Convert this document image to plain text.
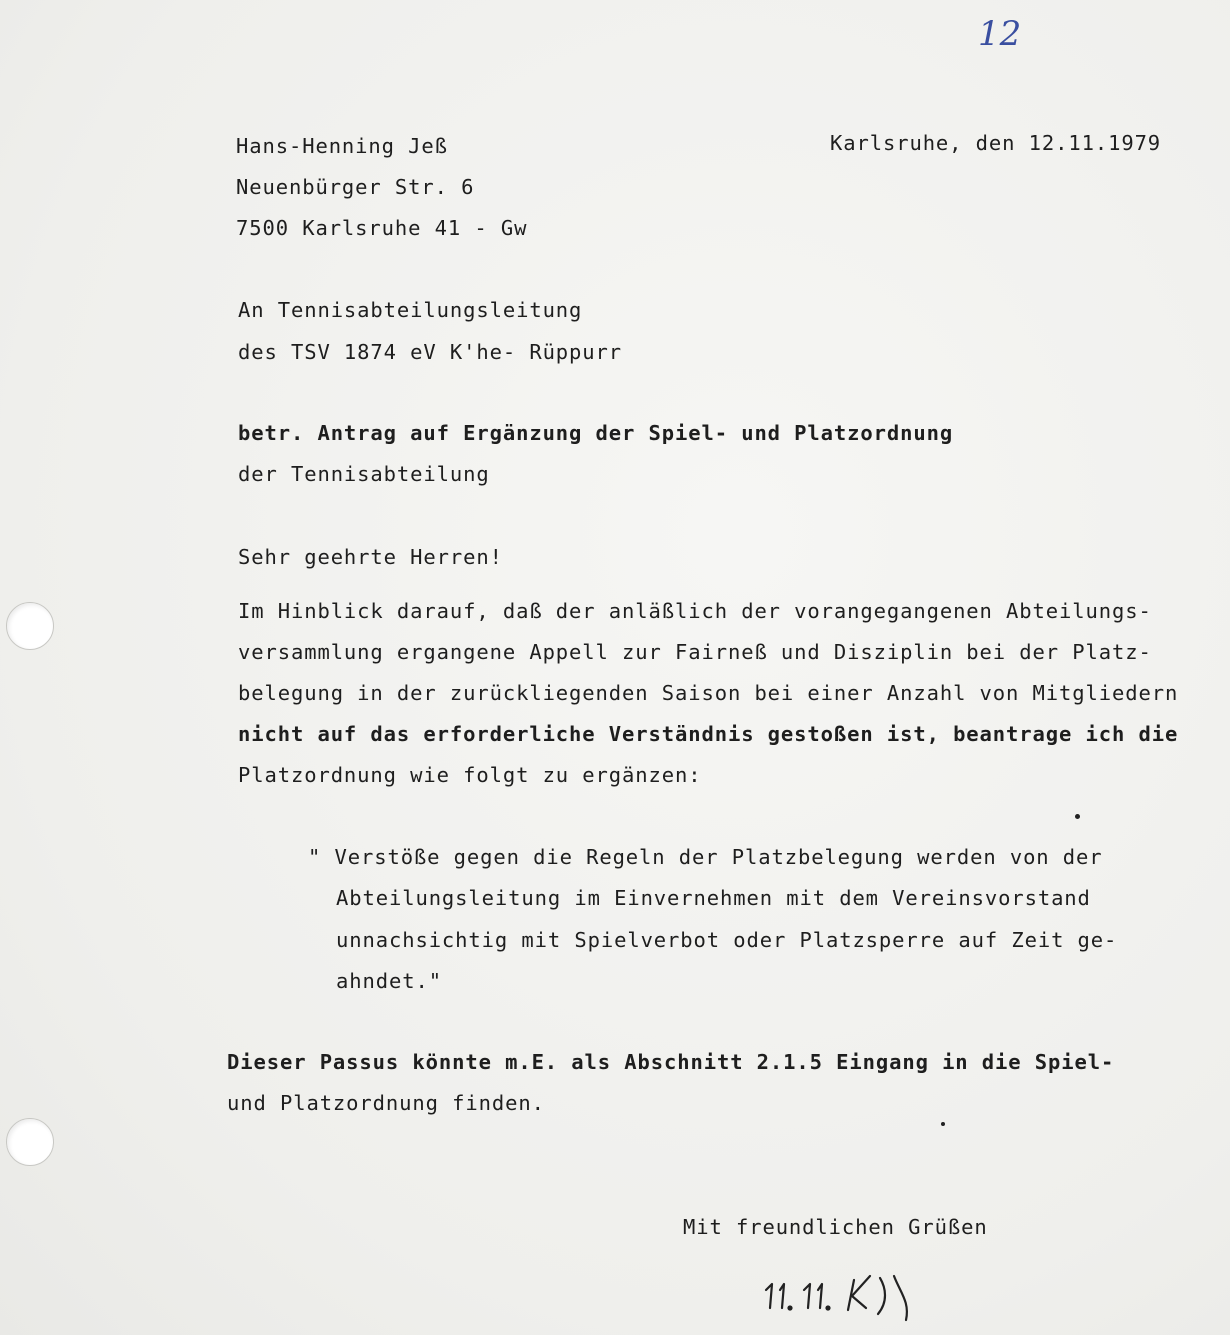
12
Hans-Henning Jeß
Neuenbürger Str. 6
7500 Karlsruhe 41 - Gw
Karlsruhe, den 12.11.1979
An Tennisabteilungsleitung
des TSV 1874 eV K'he- Rüppurr
betr. Antrag auf Ergänzung der Spiel- und Platzordnung
der Tennisabteilung
Sehr geehrte Herren!
Im Hinblick darauf, daß der anläßlich der vorangegangenen Abteilungs-
versammlung ergangene Appell zur Fairneß und Disziplin bei der Platz-
belegung in der zurückliegenden Saison bei einer Anzahl von Mitgliedern
nicht auf das erforderliche Verständnis gestoßen ist, beantrage ich die
Platzordnung wie folgt zu ergänzen:
" Verstöße gegen die Regeln der Platzbelegung werden von der
Abteilungsleitung im Einvernehmen mit dem Vereinsvorstand
unnachsichtig mit Spielverbot oder Platzsperre auf Zeit ge-
ahndet."
Dieser Passus könnte m.E. als Abschnitt 2.1.5 Eingang in die Spiel-
und Platzordnung finden.
Mit freundlichen Grüßen
